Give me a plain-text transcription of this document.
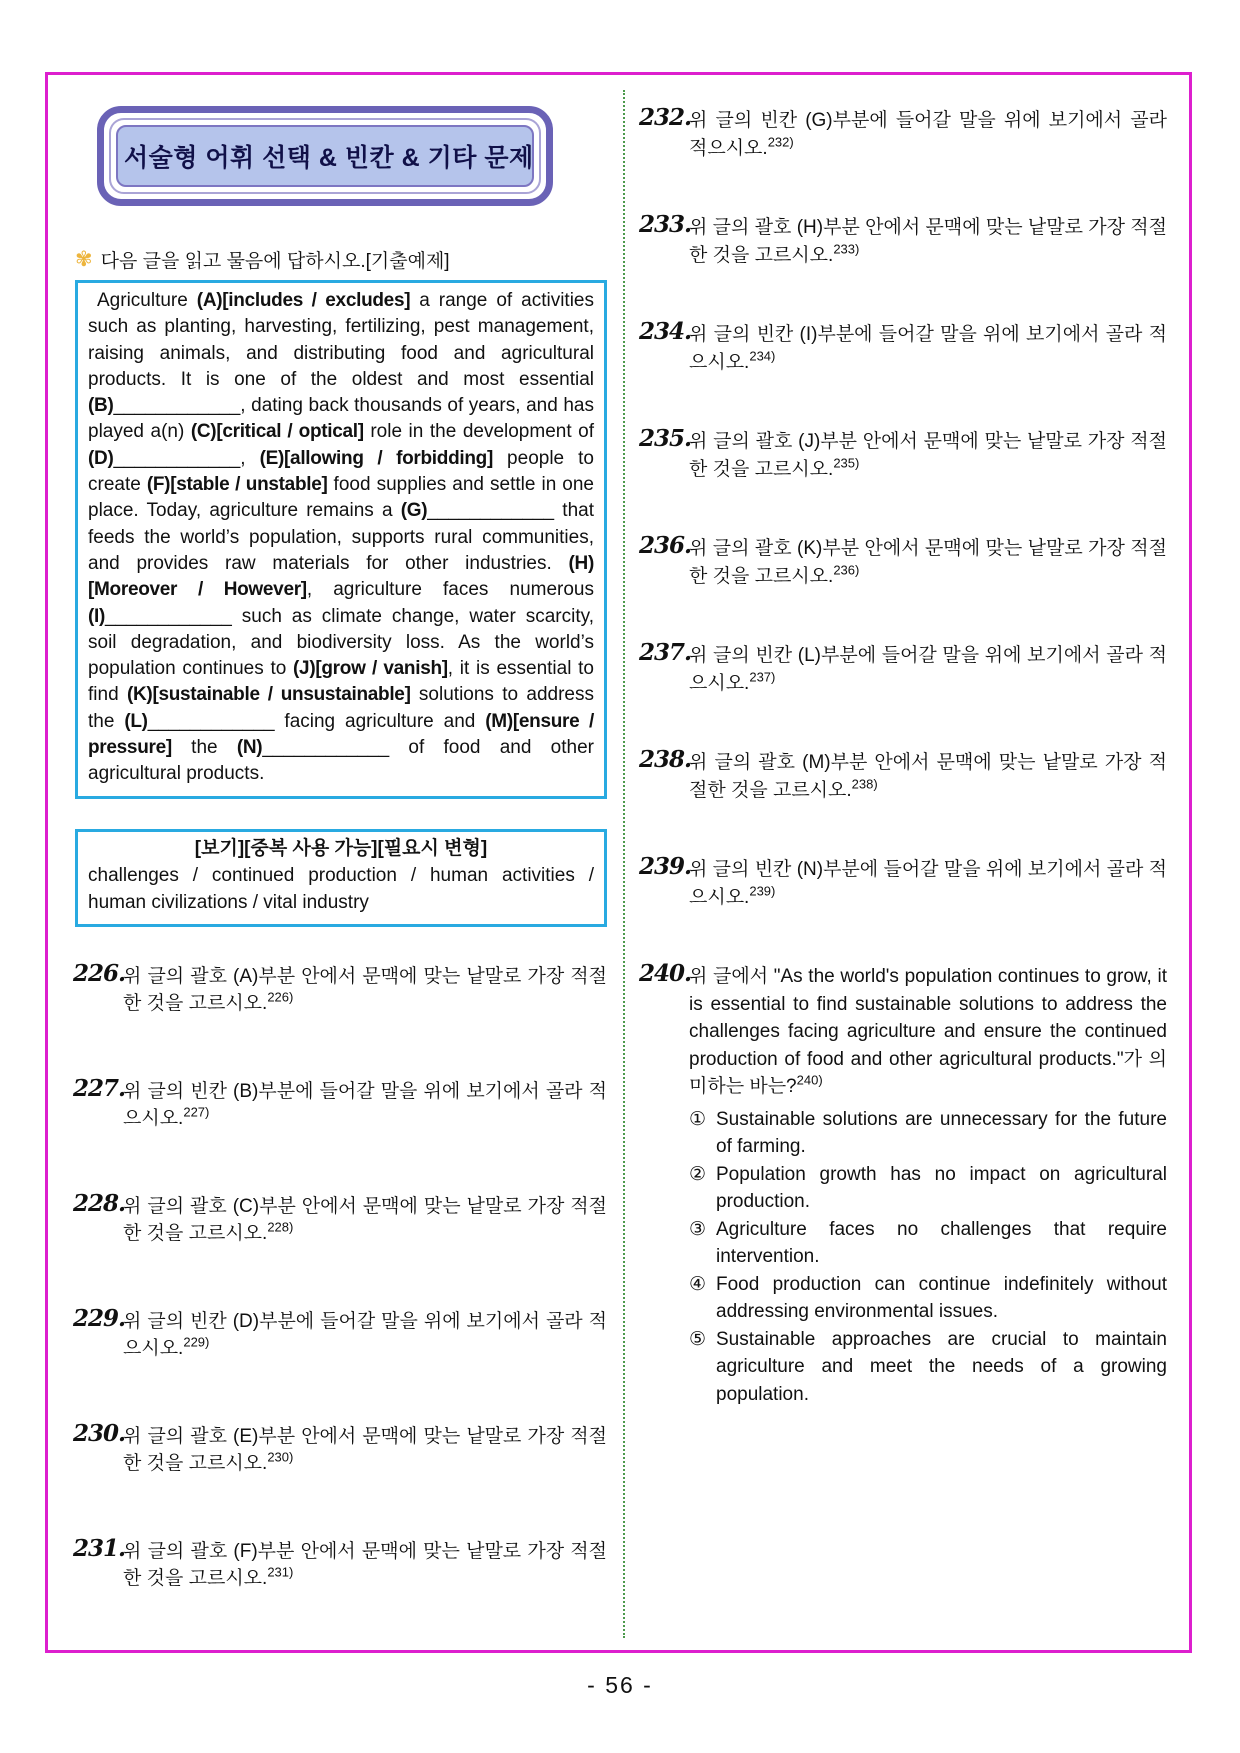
서술형 어휘 선택 & 빈칸 & 기타 문제
✾ 다음 글을 읽고 물음에 답하시오.[기출예제]
Agriculture (A)[includes / excludes] a range of activities such as planting, harvesting, fertilizing, pest management, raising animals, and distributing food and agricultural products. It is one of the oldest and most essential (B)____________, dating back thousands of years, and has played a(n) (C)[critical / optical] role in the development of (D)____________, (E)[allowing / forbidding] people to create (F)[stable / unstable] food supplies and settle in one place. Today, agriculture remains a (G)____________ that feeds the world’s population, supports rural communities, and provides raw materials for other industries. (H)[Moreover / However], agriculture faces numerous (I)____________ such as climate change, water scarcity, soil degradation, and biodiversity loss. As the world’s population continues to (J)[grow / vanish], it is essential to find (K)[sustainable / unsustainable] solutions to address the (L)____________ facing agriculture and (M)[ensure / pressure] the (N)____________ of food and other agricultural products.
[보기][중복 사용 가능][필요시 변형]
challenges / continued production / human activities / human civilizations / vital industry
226.
위 글의 괄호 (A)부분 안에서 문맥에 맞는 낱말로 가장 적절한 것을 고르시오.$^{226)}$
227.
위 글의 빈칸 (B)부분에 들어갈 말을 위에 보기에서 골라 적으시오.$^{227)}$
228.
위 글의 괄호 (C)부분 안에서 문맥에 맞는 낱말로 가장 적절한 것을 고르시오.$^{228)}$
229.
위 글의 빈칸 (D)부분에 들어갈 말을 위에 보기에서 골라 적으시오.$^{229)}$
230.
위 글의 괄호 (E)부분 안에서 문맥에 맞는 낱말로 가장 적절한 것을 고르시오.$^{230)}$
231.
위 글의 괄호 (F)부분 안에서 문맥에 맞는 낱말로 가장 적절한 것을 고르시오.$^{231)}$
232.
위 글의 빈칸 (G)부분에 들어갈 말을 위에 보기에서 골라 적으시오.$^{232)}$
233.
위 글의 괄호 (H)부분 안에서 문맥에 맞는 낱말로 가장 적절한 것을 고르시오.$^{233)}$
234.
위 글의 빈칸 (I)부분에 들어갈 말을 위에 보기에서 골라 적으시오.$^{234)}$
235.
위 글의 괄호 (J)부분 안에서 문맥에 맞는 낱말로 가장 적절한 것을 고르시오.$^{235)}$
236.
위 글의 괄호 (K)부분 안에서 문맥에 맞는 낱말로 가장 적절한 것을 고르시오.$^{236)}$
237.
위 글의 빈칸 (L)부분에 들어갈 말을 위에 보기에서 골라 적으시오.$^{237)}$
238.
위 글의 괄호 (M)부분 안에서 문맥에 맞는 낱말로 가장 적절한 것을 고르시오.$^{238)}$
239.
위 글의 빈칸 (N)부분에 들어갈 말을 위에 보기에서 골라 적으시오.$^{239)}$
240.
위 글에서 "As the world's population continues to grow, it is essential to find sustainable solutions to address the challenges facing agriculture and ensure the continued production of food and other agricultural products."가 의미하는 바는?$^{240)}$
① Sustainable solutions are unnecessary for the future of farming.
② Population growth has no impact on agricultural production.
③ Agriculture faces no challenges that require intervention.
④ Food production can continue indefinitely without addressing environmental issues.
⑤ Sustainable approaches are crucial to maintain agriculture and meet the needs of a growing population.
- 56 -
